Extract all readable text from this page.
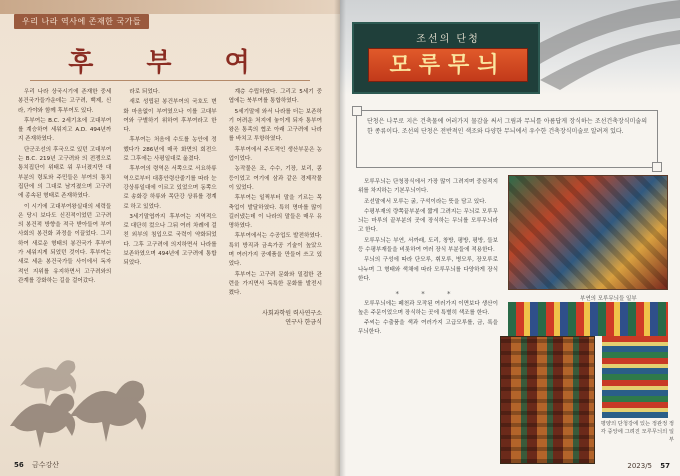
우리 나라 역사에 존재한 국가들
후 부 여

우리 나라 상국시기에 존재한 중세봉건국가들가운데는 고구려, 백제, 신라, 가야와 함께 후부여도 있다.

후부여는 B.C. 2세기초에 고대부여를 계승하여 세워지고 A.D. 494년까지 존재하였다.

단군조선의 후국으로 있던 고대부여는 B.C. 219년 고구려와 의 전쟁으로 통치집단이 위태로 워 무너졌지만 대부분의 령토와 주민들은 부여의 통치집단에 의 그대로 남겨졌으며 고구려에 종속된 형태로 존재하였다.

이 시기에 고대부여왕실대의 세력들은 당시 보다도 신진적이었던 고구려의 봉건적 방향을 적극 받아들여 부여사회의 봉건화 과정을 이끌었다. 그리하여 새로운 형태의 봉건국가 후부여가 세워지게 되었던 것이다. 후부여는 새로 세운 봉건국가들 사이에서 독자적인 지위를 유지하면서 고구려와의 관계를 강화하는 길을 걸어갔다.

라로 되었다.

새로 성립된 봉건부여의 국호도 변화 마음없이 부여였으나 이를 고대부여와 구별하기 위하여 후부여라고 한다.

후부여는 처음에 수도를 농안에 정했다가 286년에 매곡 화면의 회전으로 그후에는 사평일대로 옮겼다.

후부여의 령역은 서쪽으로 서요하류역으로부터 대흥안령산줄기를 따라 눈강상류일대에 이르고 있었으며 동쪽으로 송화강 하류와 목단강 상류를 경계로 하고 있었다.

3세기말엽까지 후부여는 지역적으로 대단히 컸으나 그뒤 여러 차례에 걸친 외부의 침입으로 국력이 약화되었다. 그후 고구려에 의지하면서 나라를 보존하였으며 494년에 고구려에 통합되었다.

계층 수립하였다. 그리고 5세기 중엽에는 북부여를 통합하였다.

5세기말에 와서 나라를 더는 보존하기 어려운 처지에 놓이게 되자 통부여왕은 통족의 협조 아래 고구려에 나라를 바치고 투항하였다.

후부여에서 주도적인 생산부문은 농업이었다.

농작물은 조, 수수, 기장, 보리, 콩 등이었고 여기에 삼과 같은 경제작물이 있었다.

후부여는 일찍부터 말을 기르는 목축업이 발달하였다. 특히 명마를 많이 길러냈는데 이 나라의 말들은 매우 유명하였다.

후부여에서는 수공업도 발전하였다. 특히 방직과 금속가공 기술이 높았으며 여러가지 공예품을 만들어 쓰고 있었다.

후부여는 고구려 문화와 밀접한 관련을 가지면서 독특한 문화를 발전시켰다.

사회과학원 력사연구소
연구사 한금식
56 금수강산
조선의 단청
모루무늬
단청은 나무로 지은 건축물에 여러가지 물감을 써서 그림과 무늬를 아름답게 장식하는 조선건축장식미술의 한 종류이다. 조선의 단청은 전반적인 색조와 다양한 무늬에서 우수한 건축장식미술로 알려져 있다.

모루무늬는 단청장식에서 가장 많이 그려지며 중심적지위를 차지하는 기본무늬이다.

조선말에서 모루는 굵, 구석이라는 뜻을 담고 있다.

수평부재의 량쪽끝부분에 짧게 그려지는 무늬로 모루무늬는 마루의 끝부분의 곳에 장식하는 무늬를 모루무늬라고 한다.

모루무늬는 부연, 서까래, 도리, 창방, 평방, 평방, 들보 등 수평부재들을 비롯하여 여러 장식 부분들에 적용한다.

무늬의 구성에 따라 단모루, 휘모루, 병모루, 장모루로 나누며 그 형태와 색채에 따라 모루무늬를 다양하게 장식한다.

* * *

모루무늬에는 페천과 모작된 여러가지 이면보다 생산이 높은 주문이었으며 장식하는 곳에 특별히 색조를 한다.

주씨는 수출품을 색과 여러가지 고급모루를, 금, 록을 무늬한다.

부연의 모루무늬들 일부
평양의 단청강에 있는 정관정 정각 중앙에 그려진 모루무늬의 일부
2023/5 57
